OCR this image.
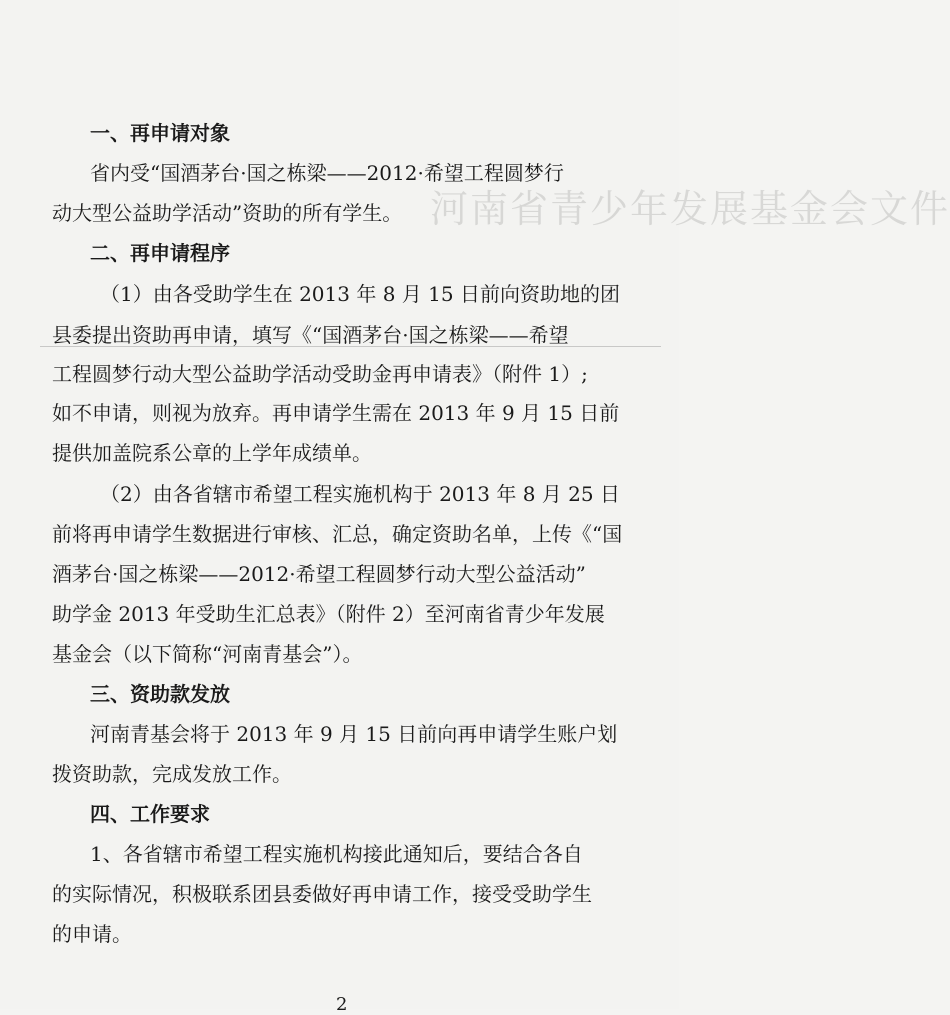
河南省青少年发展基金会文件
一、再申请对象
省内受“国酒茅台·国之栋梁——2012·希望工程圆梦行
动大型公益助学活动”资助的所有学生。
二、再申请程序
（1）由各受助学生在 2013 年 8 月 15 日前向资助地的团
县委提出资助再申请，填写《“国酒茅台·国之栋梁——希望
工程圆梦行动大型公益助学活动受助金再申请表》（附件 1）;
如不申请，则视为放弃。再申请学生需在 2013 年 9 月 15 日前
提供加盖院系公章的上学年成绩单。
（2）由各省辖市希望工程实施机构于 2013 年 8 月 25 日
前将再申请学生数据进行审核、汇总，确定资助名单，上传《“国
酒茅台·国之栋梁——2012·希望工程圆梦行动大型公益活动”
助学金 2013 年受助生汇总表》（附件 2）至河南省青少年发展
基金会（以下简称“河南青基会”）。
三、资助款发放
河南青基会将于 2013 年 9 月 15 日前向再申请学生账户划
拨资助款，完成发放工作。
四、工作要求
1、各省辖市希望工程实施机构接此通知后，要结合各自
的实际情况，积极联系团县委做好再申请工作，接受受助学生
的申请。
2
